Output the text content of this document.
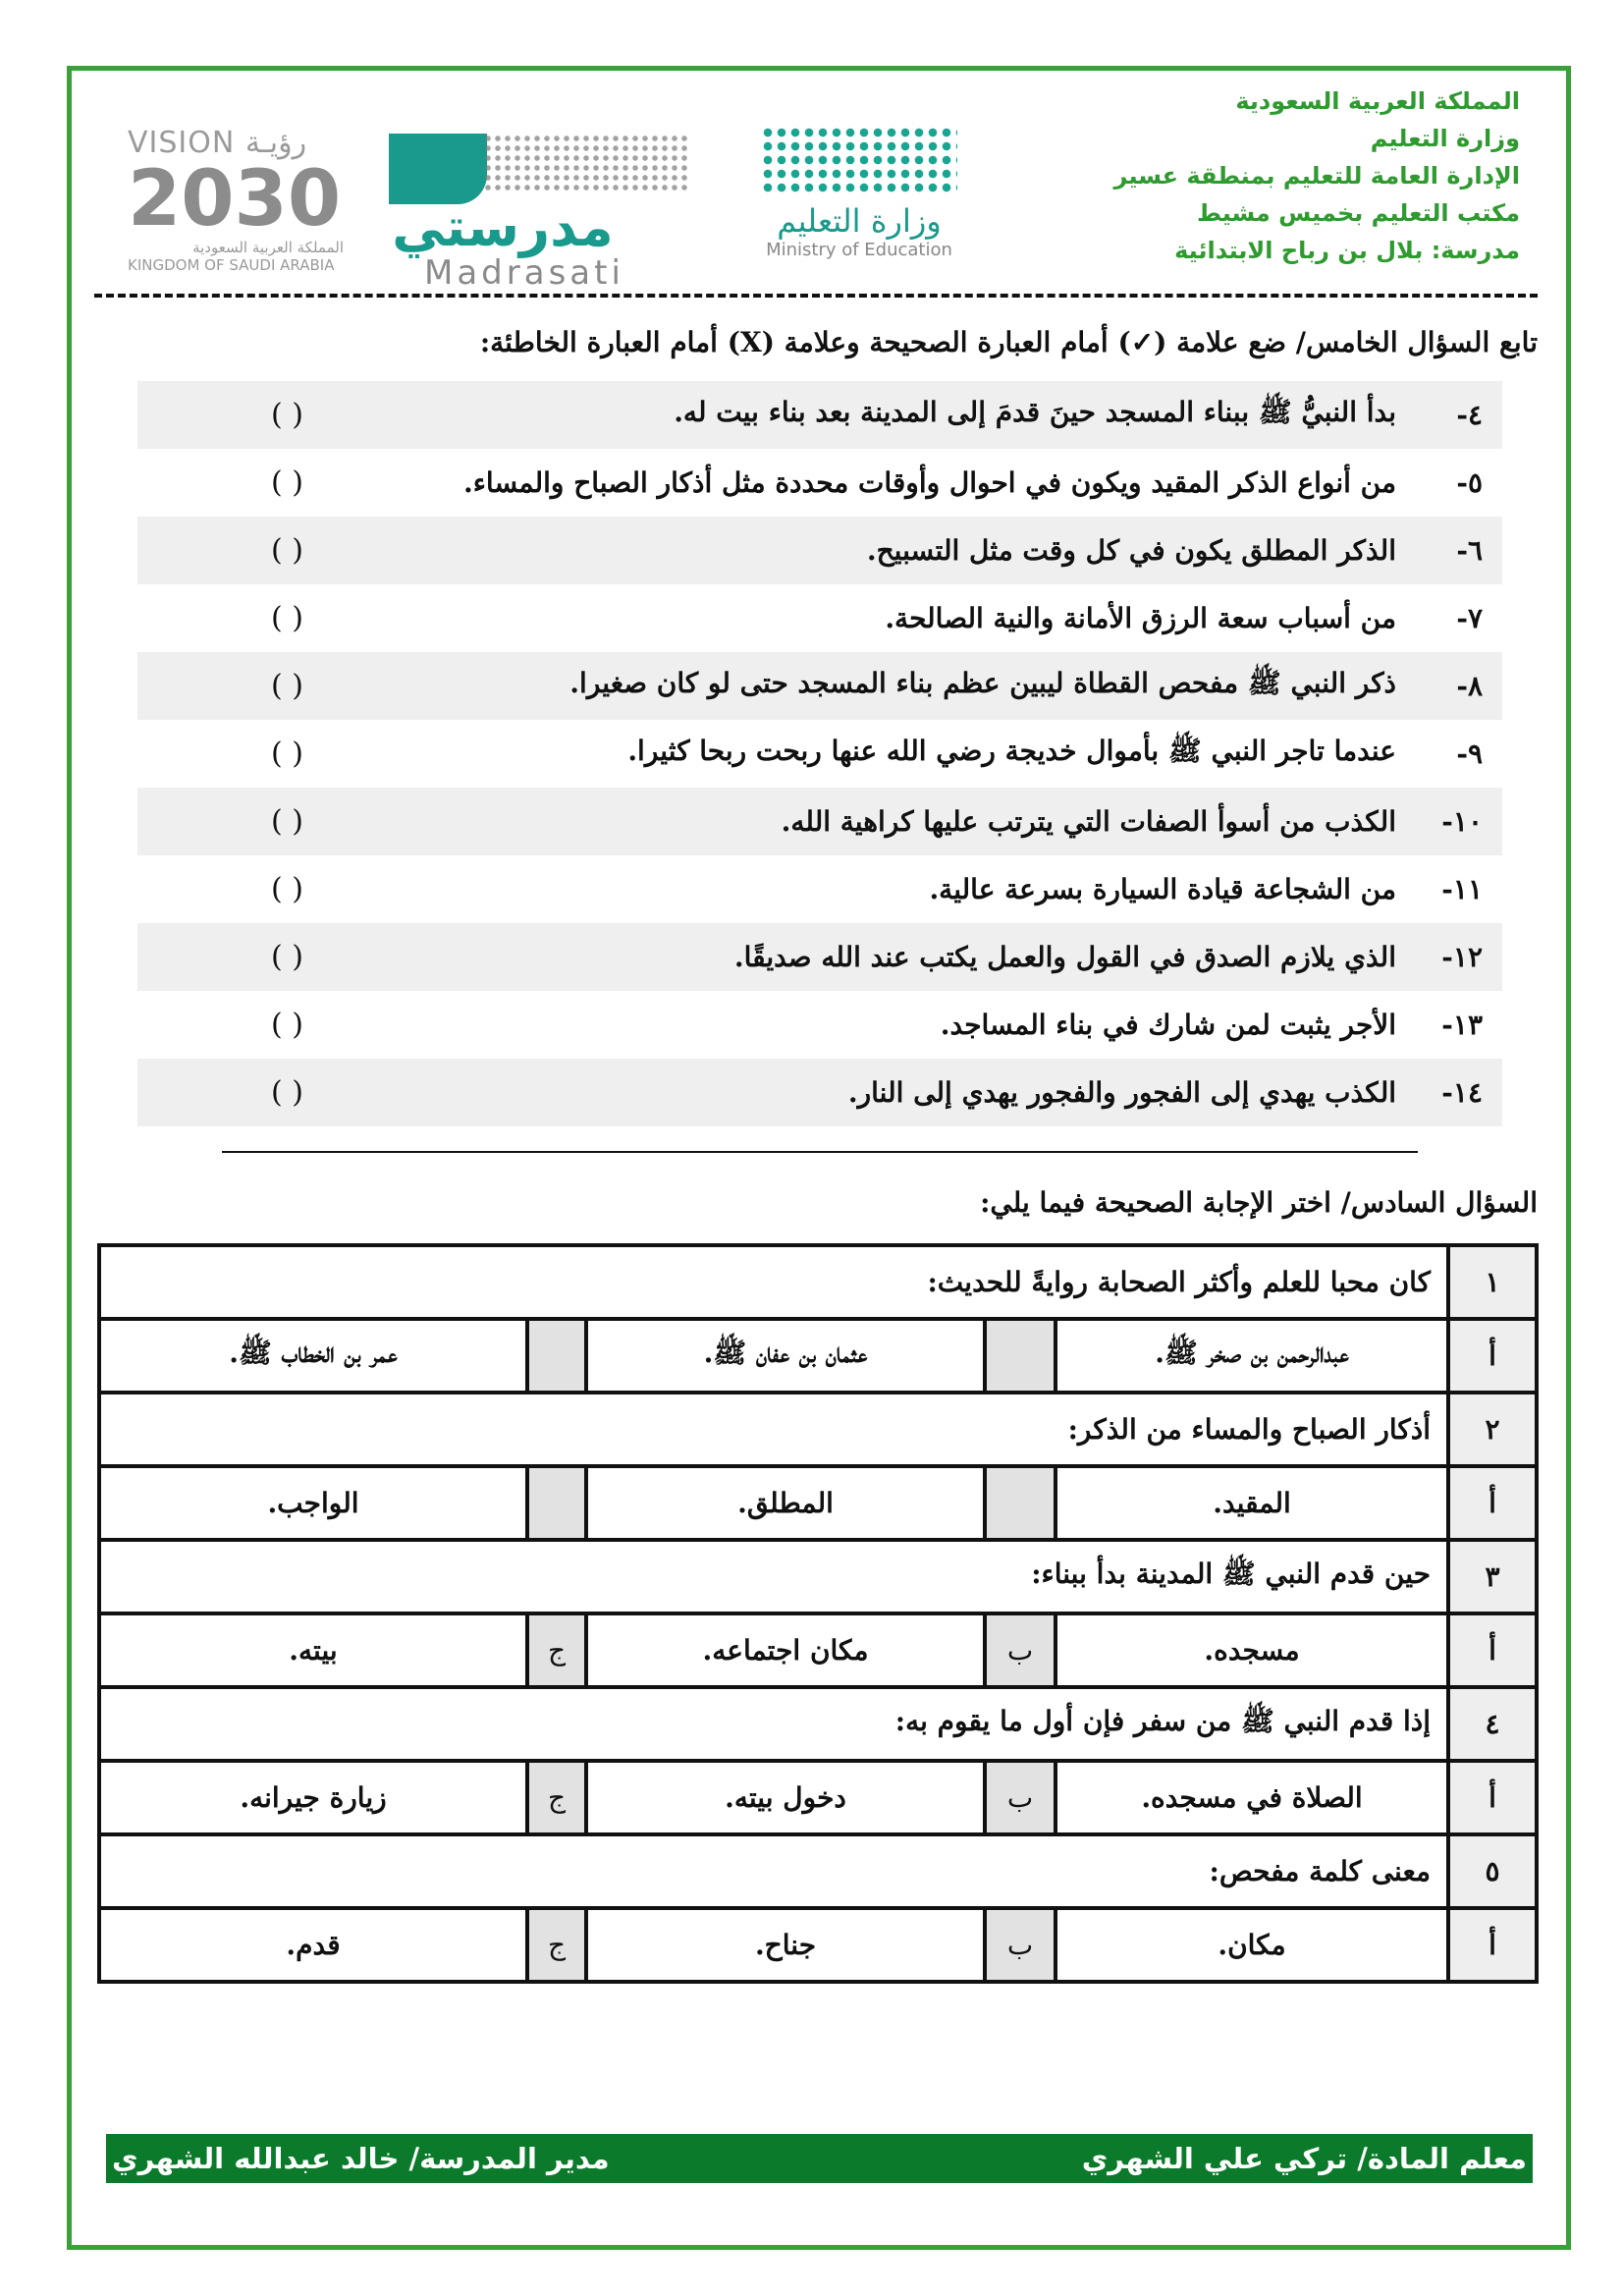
المملكة العربية السعودية
وزارة التعليم
الإدارة العامة للتعليم بمنطقة عسير
مكتب التعليم بخميس مشيط
مدرسة: بلال بن رباح الابتدائية
VISION رؤيـة
2030
المملكة العربية السعودية
KINGDOM OF SAUDI ARABIA
مدرستي
Madrasati
وزارة التعليم
Ministry of Education
تابع السؤال الخامس/ ضع علامة (✓) أمام العبارة الصحيحة وعلامة (X) أمام العبارة الخاطئة:
٤-
بدأ النبيُّ ﷺ ببناء المسجد حينَ قدمَ إلى المدينة بعد بناء بيت له.
( )
٥-
من أنواع الذكر المقيد ويكون في احوال وأوقات محددة مثل أذكار الصباح والمساء.
( )
٦-
الذكر المطلق يكون في كل وقت مثل التسبيح.
( )
٧-
من أسباب سعة الرزق الأمانة والنية الصالحة.
( )
٨-
ذكر النبي ﷺ مفحص القطاة ليبين عظم بناء المسجد حتى لو كان صغيرا.
( )
٩-
عندما تاجر النبي ﷺ بأموال خديجة رضي الله عنها ربحت ربحا كثيرا.
( )
١٠-
الكذب من أسوأ الصفات التي يترتب عليها كراهية الله.
( )
١١-
من الشجاعة قيادة السيارة بسرعة عالية.
( )
١٢-
الذي يلازم الصدق في القول والعمل يكتب عند الله صديقًا.
( )
١٣-
الأجر يثبت لمن شارك في بناء المساجد.
( )
١٤-
الكذب يهدي إلى الفجور والفجور يهدي إلى النار.
( )
السؤال السادس/ اختر الإجابة الصحيحة فيما يلي:
١	كان محبا للعلم وأكثر الصحابة روايةً للحديث:				
أ	عبدالرحمن بن صخر ﷺ.		عثمان بن عفان ﷺ.		عمر بن الخطاب ﷺ.
٢	أذكار الصباح والمساء من الذكر:				
أ	المقيد.		المطلق.		الواجب.
٣	حين قدم النبي ﷺ المدينة بدأ ببناء:				
أ	مسجده.	ب	مكان اجتماعه.	ج	بيته.
٤	إذا قدم النبي ﷺ من سفر فإن أول ما يقوم به:				
أ	الصلاة في مسجده.	ب	دخول بيته.	ج	زيارة جيرانه.
٥	معنى كلمة مفحص:				
أ	مكان.	ب	جناح.	ج	قدم.
معلم المادة/ تركي علي الشهري
مدير المدرسة/ خالد عبدالله الشهري
